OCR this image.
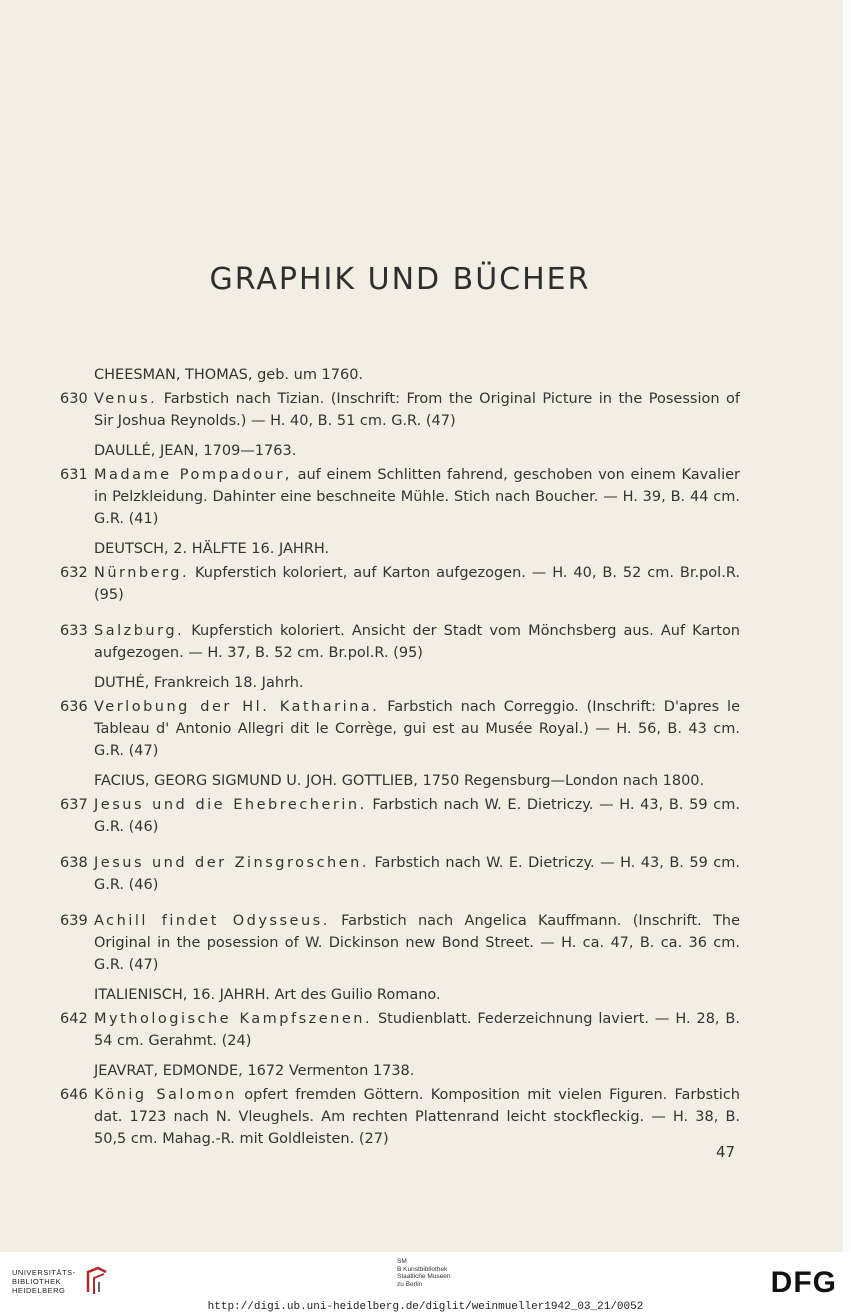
GRAPHIK UND BÜCHER
CHEESMAN, THOMAS, geb. um 1760.
630 Venus. Farbstich nach Tizian. (Inschrift: From the Original Picture in the Posession of Sir Joshua Reynolds.) — H. 40, B. 51 cm. G.R. (47)
DAULLÉ, JEAN, 1709—1763.
631 Madame Pompadour, auf einem Schlitten fahrend, geschoben von einem Kavalier in Pelzkleidung. Dahinter eine beschneite Mühle. Stich nach Boucher. — H. 39, B. 44 cm. G.R. (41)
DEUTSCH, 2. HÄLFTE 16. JAHRH.
632 Nürnberg. Kupferstich koloriert, auf Karton aufgezogen. — H. 40, B. 52 cm. Br.pol.R. (95)
633 Salzburg. Kupferstich koloriert. Ansicht der Stadt vom Mönchsberg aus. Auf Karton aufgezogen. — H. 37, B. 52 cm. Br.pol.R. (95)
DUTHÉ, Frankreich 18. Jahrh.
636 Verlobung der Hl. Katharina. Farbstich nach Correggio. (Inschrift: D'apres le Tableau d' Antonio Allegri dit le Corrège, gui est au Musée Royal.) — H. 56, B. 43 cm. G.R. (47)
FACIUS, GEORG SIGMUND U. JOH. GOTTLIEB, 1750 Regensburg—London nach 1800.
637 Jesus und die Ehebrecherin. Farbstich nach W. E. Dietriczy. — H. 43, B. 59 cm. G.R. (46)
638 Jesus und der Zinsgroschen. Farbstich nach W. E. Dietriczy. — H. 43, B. 59 cm. G.R. (46)
639 Achill findet Odysseus. Farbstich nach Angelica Kauffmann. (Inschrift. The Original in the posession of W. Dickinson new Bond Street. — H. ca. 47, B. ca. 36 cm. G.R. (47)
ITALIENISCH, 16. JAHRH. Art des Guilio Romano.
642 Mythologische Kampfszenen. Studienblatt. Federzeichnung laviert. — H. 28, B. 54 cm. Gerahmt. (24)
JEAVRAT, EDMONDE, 1672 Vermenton 1738.
646 König Salomon opfert fremden Göttern. Komposition mit vielen Figuren. Farbstich dat. 1723 nach N. Vleughels. Am rechten Plattenrand leicht stockfleckig. — H. 38, B. 50,5 cm. Mahag.-R. mit Goldleisten. (27)
47
UNIVERSITÄTS-
BIBLIOTHEK
HEIDELBERG
SM
B Kunstbibliothek
Staatliche Museen
zu Berlin	DFG
http://digi.ub.uni-heidelberg.de/diglit/weinmueller1942_03_21/0052
